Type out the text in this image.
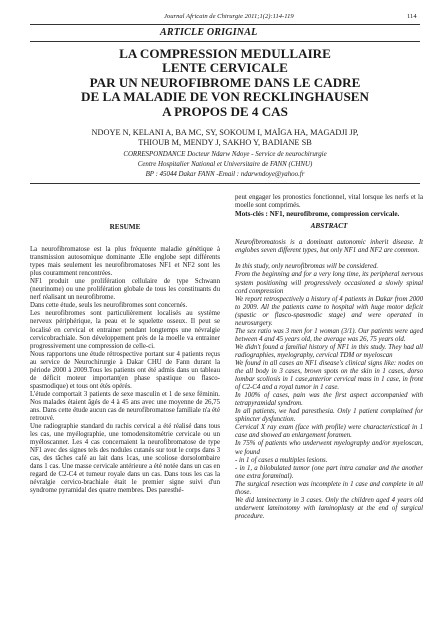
Journal Africain de Chirurgie 2011;1(2):114-119	114
ARTICLE ORIGINAL
LA COMPRESSION MEDULLAIRE
LENTE CERVICALE
PAR UN NEUROFIBROME DANS LE CADRE
DE LA MALADIE DE VON RECKLINGHAUSEN
A PROPOS DE 4 CAS
NDOYE N, KELANI A, BA MC, SY, SOKOUM I, MAÏGA HA, MAGADJI JP,
THIOUB M, MENDY J, SAKHO Y, BADIANE SB
CORRESPONDANCE Docteur Ndarw Ndoye - Service de neurochirurgie
Centre Hospitalier National et Universitaire de FANN (CHNU)
BP : 45044 Dakar FANN -Email : ndarwndoye@yahoo.fr
RESUME

La neurofibromatose est la plus fréquente maladie génétique à transmission autosomique dominante .Elle englobe sept différents types mais seulement les neurofibromatoses NF1 et NF2 sont les plus couramment rencontrées.

NF1 produit une prolifération cellulaire de type Schwann (neurinome) ou une prolifération globale de tous les constituants du nerf réalisant un neurofibrome.

Dans cette étude, seuls les neurofibromes sont concernés.

Les neurofibromes sont particulièrement localisés au système nerveux périphérique, la peau et le squelette osseux. Il peut se localisé en cervical et entrainer pendant longtemps une névralgie cervicobrachiale. Son développement près de la moelle va entrainer progressivement une compression de celle-ci.

Nous rapportons une étude rétrospective portant sur 4 patients reçus au service de Neurochirurgie à Dakar CHU de Fann durant la période 2000 à 2009.Tous les patients ont été admis dans un tableau de déficit moteur important(en phase spastique ou flasco-spasmodique) et tous ont étés opérés.

L'étude comportait 3 patients de sexe masculin et 1 de sexe féminin. Nos malades étaient âgés de 4 à 45 ans avec une moyenne de 26,75 ans. Dans cette étude aucun cas de neurofibromatose familiale n'a été retrouvé.

Une radiographie standard du rachis cervical a été réalisé dans tous les cas, une myélographie, une tomodensitométrie cervicale ou un myéloscanner. Les 4 cas concernaient la neurofibromatose de type NF1 avec des signes tels des nodules cutanés sur tout le corps dans 3 cas, des tâches café au lait dans 1cas, une scoliose dorsolombaire dans 1 cas. Une masse cervicale antérieure a été notée dans un cas en regard de C2-C4 et tumeur royale dans un cas. Dans tous les cas la névralgie cervico-brachiale était le premier signe suivi d'un syndrome pyramidal des quatre membres. Des paresthé-

peut engager les pronostics fonctionnel, vital lorsque les nerfs et la moelle sont comprimés.

Mots-clés : NF1, neurofibrome, compression cervicale.

ABSTRACT

Neurofibromatosis is a dominant autonomic inherit disease. It englobes seven different types, but only NF1 and NF2 are common.

In this study, only neurofibromas will be considered.

From the beginning and for a very long time, its peripheral nervous system positioning will progressively occasioned a slowly spinal cord compression

We report retrospectively a history of 4 patients in Dakar from 2000 to 2009. All the patients came to hospital with huge motor deficit (spastic or flasco-spasmodic stage) and were operated in neurosurgery.

The sex ratio was 3 men for 1 woman (3/1). Our patients were aged between 4 and 45 years old, the average was 26, 75 years old.

We didn't found a familial history of NF1 in this study. They had all radiographies, myelography, cervical TDM or myeloscan

We found in all cases an NF1 disease's clinical signs like: nodes on the all body in 3 cases, brown spots on the skin in 1 cases, dorso lombar scoliosis in 1 case,anterior cervical mass in 1 case, in front of C2-C4 and a royal tumor in 1 case.

In 100% of cases, pain was the first aspect accompanied with tetrapyramidal syndrom.

In all patients, we had paresthesia. Only 1 patient complained for sphincter dysfunction.

Cervical X ray exam (face with profile) were charactericstical in 1 case and showed an enlargement foramen.

In 75% of patients who underwent myelography and/or myeloscan, we found

- in 1 of cases a multiples lesions.

- in 1, a bilobulated tumor (one part intra canalar and the another one extra foraminal).

The surgical resection was incomplete in 1 case and complete in all those.

We did laminectomy in 3 cases. Only the children aged 4 years old underwent laminotomy with laminoplasty at the end of surgical procedure.
